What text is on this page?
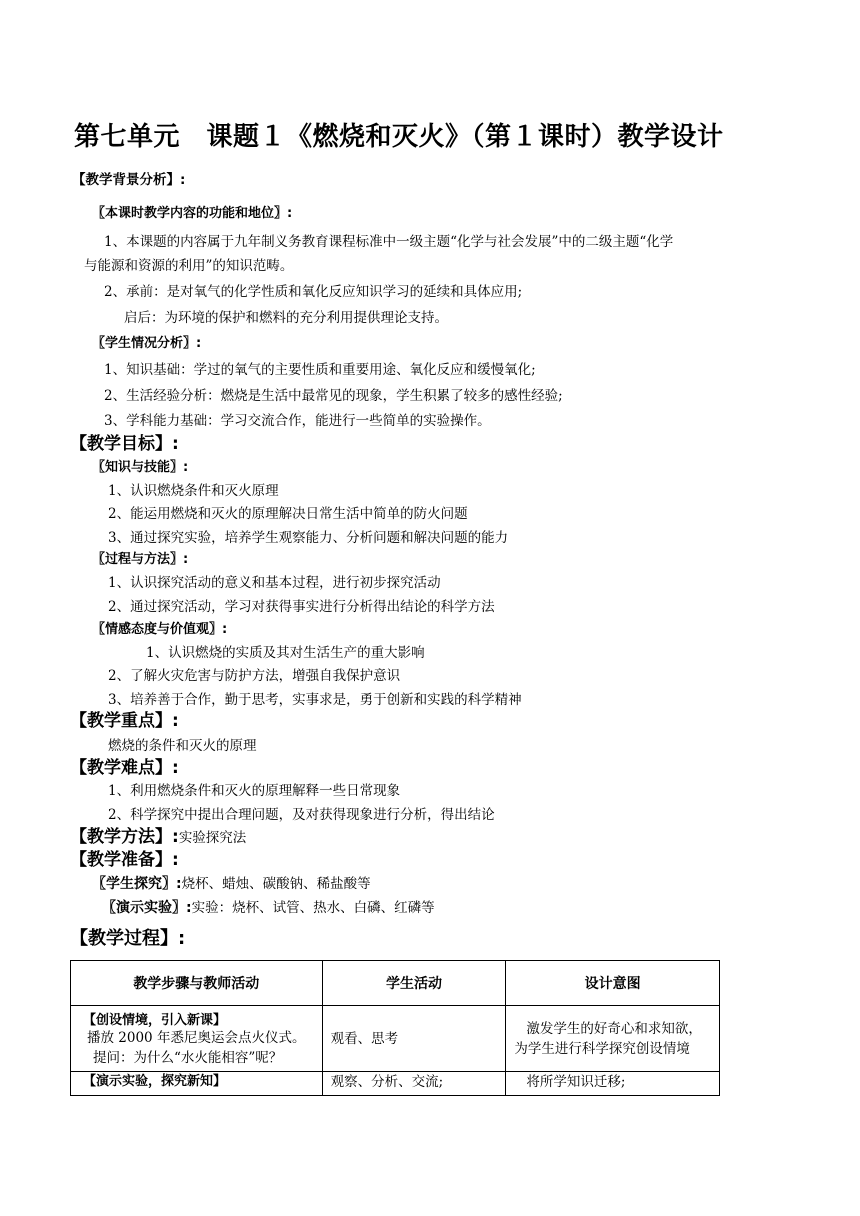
第七单元　课题１《燃烧和灭火》（第１课时）教学设计
【教学背景分析】:
〖本课时教学内容的功能和地位〗:
1、本课题的内容属于九年制义务教育课程标准中一级主题“化学与社会发展”中的二级主题“化学
与能源和资源的利用”的知识范畴。
2、承前：是对氧气的化学性质和氧化反应知识学习的延续和具体应用;
启后：为环境的保护和燃料的充分利用提供理论支持。
〖学生情况分析〗:
1、知识基础：学过的氧气的主要性质和重要用途、氧化反应和缓慢氧化;
2、生活经验分析：燃烧是生活中最常见的现象，学生积累了较多的感性经验;
3、学科能力基础：学习交流合作，能进行一些简单的实验操作。
【教学目标】:
〖知识与技能〗:
1、认识燃烧条件和灭火原理
2、能运用燃烧和灭火的原理解决日常生活中简单的防火问题
3、通过探究实验，培养学生观察能力、分析问题和解决问题的能力
〖过程与方法〗:
1、认识探究活动的意义和基本过程，进行初步探究活动
2、通过探究活动，学习对获得事实进行分析得出结论的科学方法
〖情感态度与价值观〗:
1、认识燃烧的实质及其对生活生产的重大影响
2、了解火灾危害与防护方法，增强自我保护意识
3、培养善于合作，勤于思考，实事求是，勇于创新和实践的科学精神
【教学重点】:
燃烧的条件和灭火的原理
【教学难点】:
1、利用燃烧条件和灭火的原理解释一些日常现象
2、科学探究中提出合理问题，及对获得现象进行分析，得出结论
【教学方法】:实验探究法
【教学准备】:
〖学生探究〗:烧杯、蜡烛、碳酸钠、稀盐酸等
〖演示实验〗:实验：烧杯、试管、热水、白磷、红磷等
【教学过程】:
教学步骤与教师活动	学生活动	设计意图

【创设情境，引入新课】
播放 2000 年悉尼奥运会点火仪式。
提问：为什么“水火能相容”呢？	观看、思考	激发学生的好奇心和求知欲，
为学生进行科学探究创设情境

【演示实验，探究新知】	观察、分析、交流;	将所学知识迁移;
